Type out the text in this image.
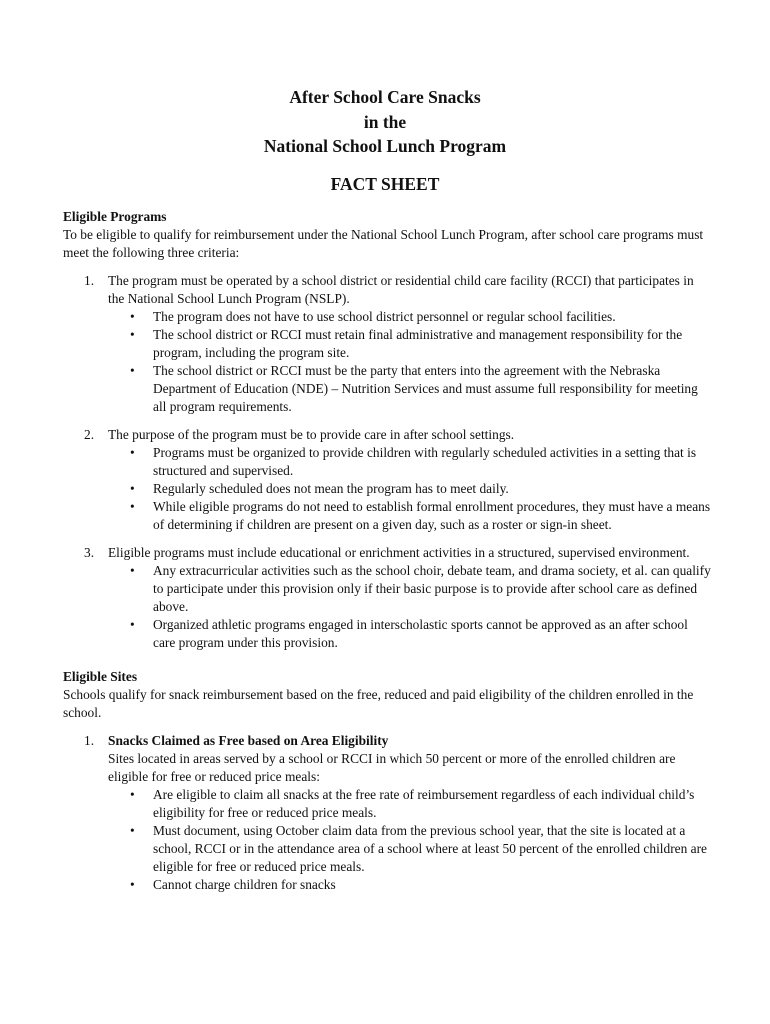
After School Care Snacks
in the
National School Lunch Program
FACT SHEET

Eligible Programs

To be eligible to qualify for reimbursement under the National School Lunch Program, after school care programs must meet the following three criteria:

1. The program must be operated by a school district or residential child care facility (RCCI) that participates in the National School Lunch Program (NSLP).
• The program does not have to use school district personnel or regular school facilities.
• The school district or RCCI must retain final administrative and management responsibility for the program, including the program site.
• The school district or RCCI must be the party that enters into the agreement with the Nebraska Department of Education (NDE) – Nutrition Services and must assume full responsibility for meeting all program requirements.
2. The purpose of the program must be to provide care in after school settings.
• Programs must be organized to provide children with regularly scheduled activities in a setting that is structured and supervised.
• Regularly scheduled does not mean the program has to meet daily.
• While eligible programs do not need to establish formal enrollment procedures, they must have a means of determining if children are present on a given day, such as a roster or sign-in sheet.
3. Eligible programs must include educational or enrichment activities in a structured, supervised environment.
• Any extracurricular activities such as the school choir, debate team, and drama society, et al. can qualify to participate under this provision only if their basic purpose is to provide after school care as defined above.
• Organized athletic programs engaged in interscholastic sports cannot be approved as an after school care program under this provision.

Eligible Sites

Schools qualify for snack reimbursement based on the free, reduced and paid eligibility of the children enrolled in the school.

1. Snacks Claimed as Free based on Area Eligibility
Sites located in areas served by a school or RCCI in which 50 percent or more of the enrolled children are eligible for free or reduced price meals:
• Are eligible to claim all snacks at the free rate of reimbursement regardless of each individual child’s eligibility for free or reduced price meals.
• Must document, using October claim data from the previous school year, that the site is located at a school, RCCI or in the attendance area of a school where at least 50 percent of the enrolled children are eligible for free or reduced price meals.
• Cannot charge children for snacks
